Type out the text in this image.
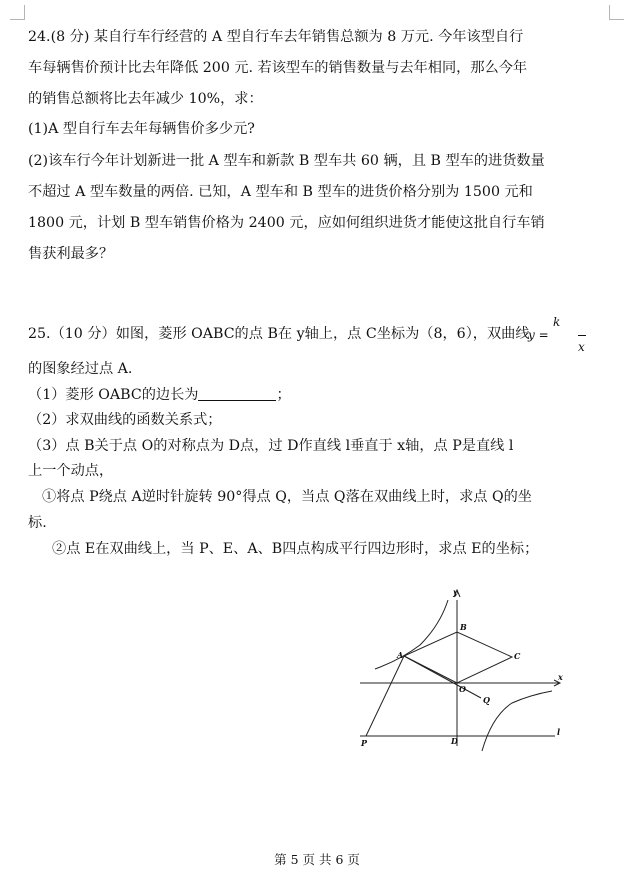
24.(8 分) 某自行车行经营的 A 型自行车去年销售总额为 8 万元. 今年该型自行
车每辆售价预计比去年降低 200 元. 若该型车的销售数量与去年相同，那么今年
的销售总额将比去年减少 10%，求：
(1)A 型自行车去年每辆售价多少元?
(2)该车行今年计划新进一批 A 型车和新款 B 型车共 60 辆，且 B 型车的进货数量
不超过 A 型车数量的两倍. 已知，A 型车和 B 型车的进货价格分别为 1500 元和
1800 元，计划 B 型车销售价格为 2400 元，应如何组织进货才能使这批自行车销
售获利最多？
25.（10 分）如图，菱形 OABC的点 B在 y轴上，点 C坐标为（8，6），双曲线
y =
k
x
的图象经过点 A.
（1）菱形 OABC的边长为	；
（2）求双曲线的函数关系式；
（3）点 B关于点 O的对称点为 D点，过 D作直线 l垂直于 x轴，点 P是直线 l
上一个动点，
①将点 P绕点 A逆时针旋转 90°得点 Q，当点 Q落在双曲线上时，求点 Q的坐
标.
②点 E在双曲线上，当 P、E、A、B四点构成平行四边形时，求点 E的坐标；
y
x
B
A	C
O
Q
P	D
l
第 5 页 共 6 页
